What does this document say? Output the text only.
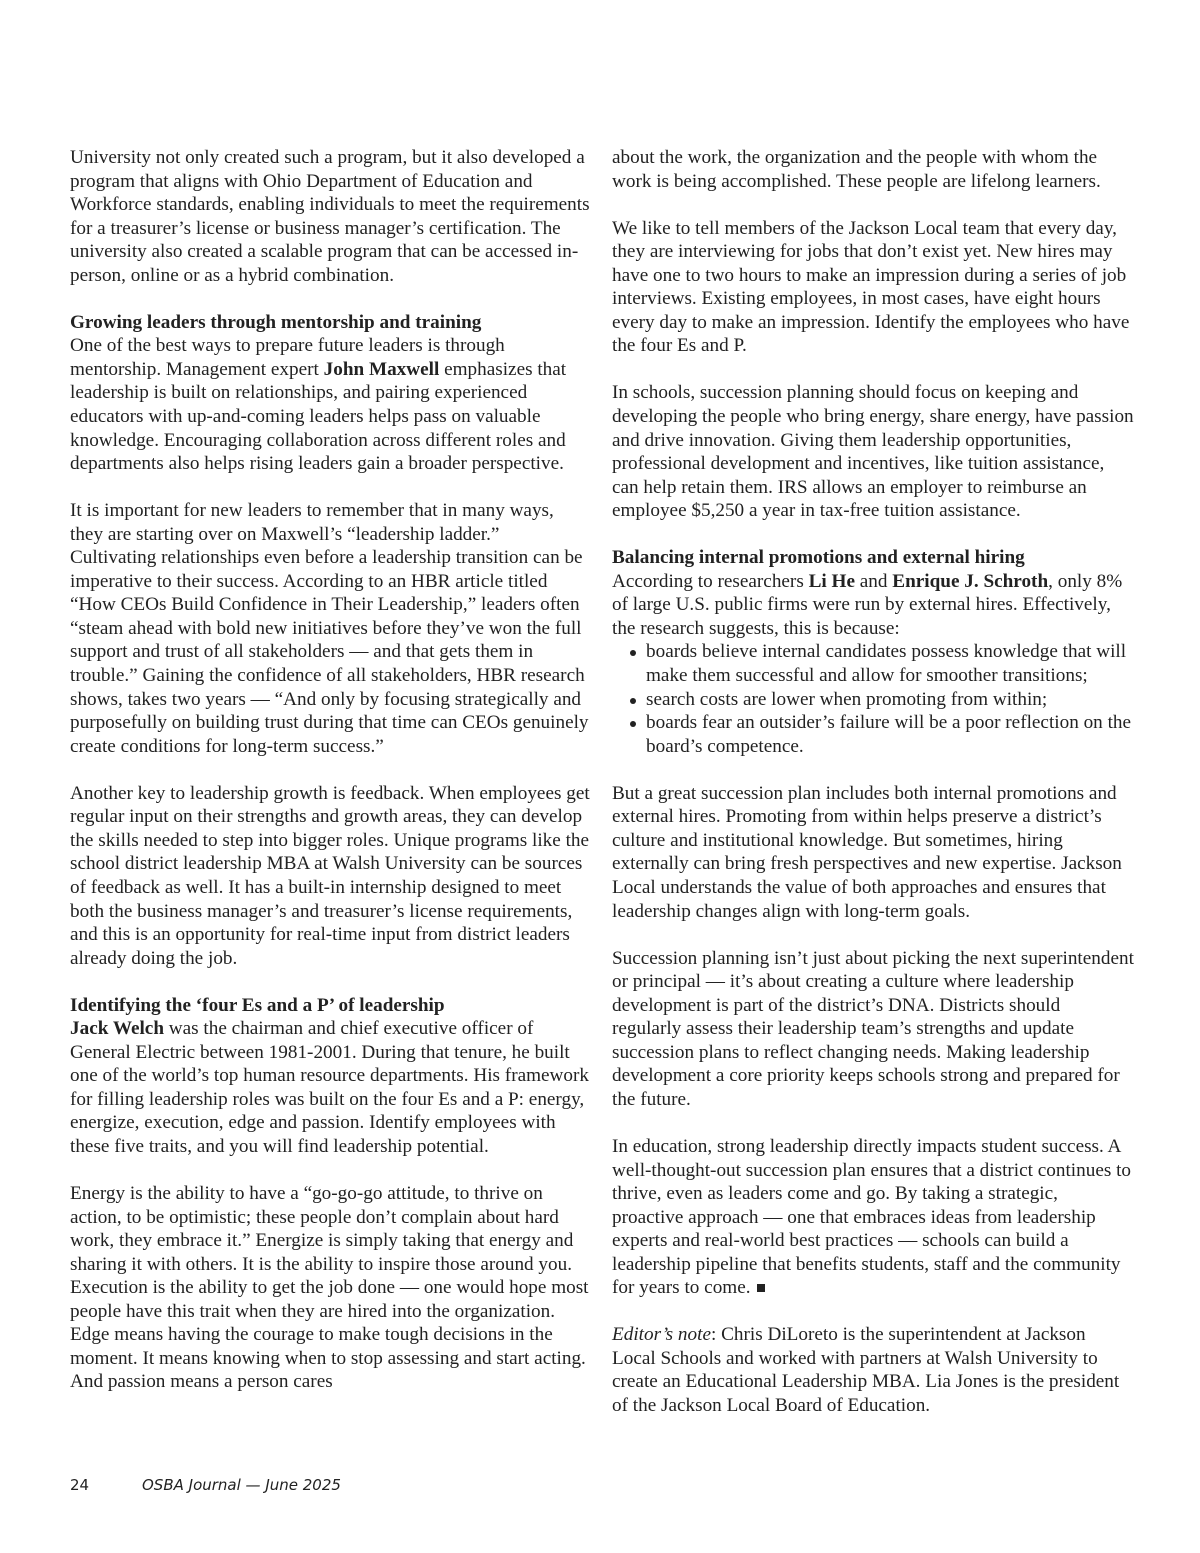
University not only created such a program, but it also developed a program that aligns with Ohio Department of Education and Workforce standards, enabling individuals to meet the requirements for a treasurer’s license or business manager’s certification. The university also created a scalable program that can be accessed in-person, online or as a hybrid combination.

Growing leaders through mentorship and training

One of the best ways to prepare future leaders is through mentorship. Management expert John Maxwell emphasizes that leadership is built on relationships, and pairing experienced educators with up-and-coming leaders helps pass on valuable knowledge. Encouraging collaboration across different roles and departments also helps rising leaders gain a broader perspective.

It is important for new leaders to remember that in many ways, they are starting over on Maxwell’s “leadership ladder.” Cultivating relationships even before a leadership transition can be imperative to their success. According to an HBR article titled “How CEOs Build Confidence in Their Leadership,” leaders often “steam ahead with bold new initiatives before they’ve won the full support and trust of all stakeholders — and that gets them in trouble.” Gaining the confidence of all stakeholders, HBR research shows, takes two years — “And only by focusing strategically and purposefully on building trust during that time can CEOs genuinely create conditions for long-term success.”

Another key to leadership growth is feedback. When employees get regular input on their strengths and growth areas, they can develop the skills needed to step into bigger roles. Unique programs like the school district leadership MBA at Walsh University can be sources of feedback as well. It has a built-in internship designed to meet both the business manager’s and treasurer’s license requirements, and this is an opportunity for real-time input from district leaders already doing the job.

Identifying the ‘four Es and a P’ of leadership

Jack Welch was the chairman and chief executive officer of General Electric between 1981-2001. During that tenure, he built one of the world’s top human resource departments. His framework for filling leadership roles was built on the four Es and a P: energy, energize, execution, edge and passion. Identify employees with these five traits, and you will find leadership potential.

Energy is the ability to have a “go-go-go attitude, to thrive on action, to be optimistic; these people don’t complain about hard work, they embrace it.” Energize is simply taking that energy and sharing it with others. It is the ability to inspire those around you. Execution is the ability to get the job done — one would hope most people have this trait when they are hired into the organization. Edge means having the courage to make tough decisions in the moment. It means knowing when to stop assessing and start acting. And passion means a person cares

about the work, the organization and the people with whom the work is being accomplished. These people are lifelong learners.

We like to tell members of the Jackson Local team that every day, they are interviewing for jobs that don’t exist yet. New hires may have one to two hours to make an impression during a series of job interviews. Existing employees, in most cases, have eight hours every day to make an impression. Identify the employees who have the four Es and P.

In schools, succession planning should focus on keeping and developing the people who bring energy, share energy, have passion and drive innovation. Giving them leadership opportunities, professional development and incentives, like tuition assistance, can help retain them. IRS allows an employer to reimburse an employee $5,250 a year in tax-free tuition assistance.

Balancing internal promotions and external hiring

According to researchers Li He and Enrique J. Schroth, only 8% of large U.S. public firms were run by external hires. Effectively, the research suggests, this is because:

boards believe internal candidates possess knowledge that will make them successful and allow for smoother transitions;
search costs are lower when promoting from within;
boards fear an outsider’s failure will be a poor reflection on the board’s competence.

But a great succession plan includes both internal promotions and external hires. Promoting from within helps preserve a district’s culture and institutional knowledge. But sometimes, hiring externally can bring fresh perspectives and new expertise. Jackson Local understands the value of both approaches and ensures that leadership changes align with long-term goals.

Succession planning isn’t just about picking the next superintendent or principal — it’s about creating a culture where leadership development is part of the district’s DNA. Districts should regularly assess their leadership team’s strengths and update succession plans to reflect changing needs. Making leadership development a core priority keeps schools strong and prepared for the future.

In education, strong leadership directly impacts student success. A well-thought-out succession plan ensures that a district continues to thrive, even as leaders come and go. By taking a strategic, proactive approach — one that embraces ideas from leadership experts and real-world best practices — schools can build a leadership pipeline that benefits students, staff and the community for years to come.

Editor’s note: Chris DiLoreto is the superintendent at Jackson Local Schools and worked with partners at Walsh University to create an Educational Leadership MBA. Lia Jones is the president of the Jackson Local Board of Education.

24	OSBA Journal — June 2025
